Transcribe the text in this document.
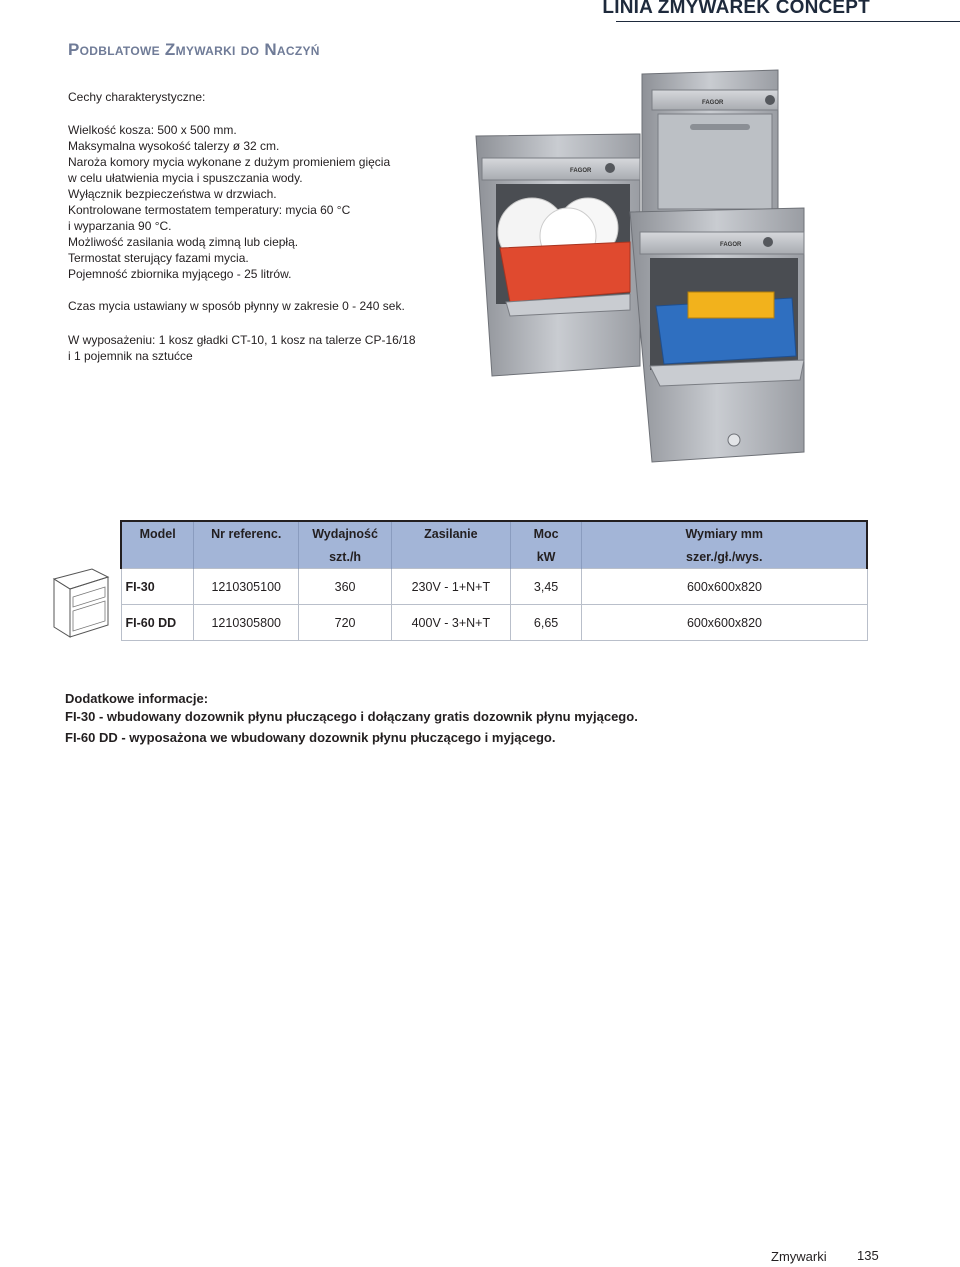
LINIA ZMYWAREK CONCEPT
Podblatowe Zmywarki do Naczyń
Cechy charakterystyczne:
Wielkość kosza: 500 x 500 mm.
Maksymalna wysokość talerzy ø 32 cm.
Naroża komory mycia wykonane z dużym promieniem gięcia
w celu ułatwienia mycia i spuszczania wody.
Wyłącznik bezpieczeństwa w drzwiach.
Kontrolowane termostatem temperatury: mycia 60 °C
i wyparzania 90 °C.
Możliwość zasilania wodą zimną lub ciepłą.
Termostat sterujący fazami mycia.
Pojemność zbiornika myjącego - 25 litrów.
Czas mycia ustawiany w sposób płynny w zakresie 0 - 240 sek.
W wyposażeniu: 1 kosz gładki CT-10, 1 kosz na talerze CP-16/18
i 1 pojemnik na sztućce
FAGOR
FAGOR
FAGOR
Model	Nr referenc.	Wydajność	Zasilanie	Moc	Wymiary mm
		szt./h		kW	szer./gł./wys.
FI-30	1210305100	360	230V - 1+N+T	3,45	600x600x820
FI-60 DD	1210305800	720	400V - 3+N+T	6,65	600x600x820
Dodatkowe informacje:
FI-30 - wbudowany dozownik płynu płuczącego i dołączany gratis dozownik płynu myjącego.
FI-60 DD - wyposażona we wbudowany dozownik płynu płuczącego i myjącego.
Zmywarki 135
